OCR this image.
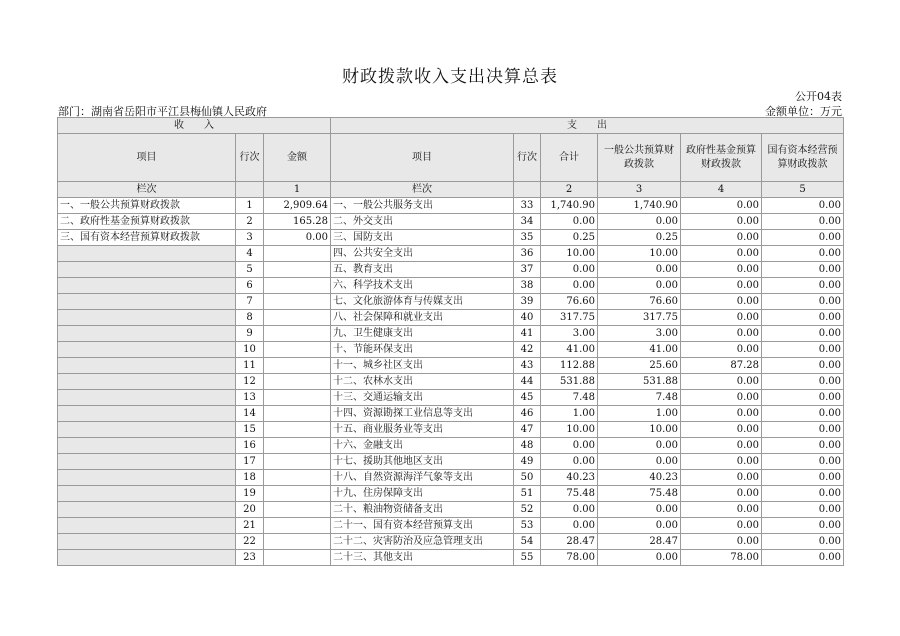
财政拨款收入支出决算总表
公开04表
部门：湖南省岳阳市平江县梅仙镇人民政府	金额单位：万元
收　　入			支　　出					
项目	行次	金额	项目	行次	合计	一般公共预算财政拨款	政府性基金预算财政拨款	国有资本经营预算财政拨款
栏次		1	栏次		2	3	4	5
一、一般公共预算财政拨款	1	2,909.64	一、一般公共服务支出	33	1,740.90	1,740.90	0.00	0.00
二、政府性基金预算财政拨款	2	165.28	二、外交支出	34	0.00	0.00	0.00	0.00
三、国有资本经营预算财政拨款	3	0.00	三、国防支出	35	0.25	0.25	0.00	0.00
	4		四、公共安全支出	36	10.00	10.00	0.00	0.00
	5		五、教育支出	37	0.00	0.00	0.00	0.00
	6		六、科学技术支出	38	0.00	0.00	0.00	0.00
	7		七、文化旅游体育与传媒支出	39	76.60	76.60	0.00	0.00
	8		八、社会保障和就业支出	40	317.75	317.75	0.00	0.00
	9		九、卫生健康支出	41	3.00	3.00	0.00	0.00
	10		十、节能环保支出	42	41.00	41.00	0.00	0.00
	11		十一、城乡社区支出	43	112.88	25.60	87.28	0.00
	12		十二、农林水支出	44	531.88	531.88	0.00	0.00
	13		十三、交通运输支出	45	7.48	7.48	0.00	0.00
	14		十四、资源勘探工业信息等支出	46	1.00	1.00	0.00	0.00
	15		十五、商业服务业等支出	47	10.00	10.00	0.00	0.00
	16		十六、金融支出	48	0.00	0.00	0.00	0.00
	17		十七、援助其他地区支出	49	0.00	0.00	0.00	0.00
	18		十八、自然资源海洋气象等支出	50	40.23	40.23	0.00	0.00
	19		十九、住房保障支出	51	75.48	75.48	0.00	0.00
	20		二十、粮油物资储备支出	52	0.00	0.00	0.00	0.00
	21		二十一、国有资本经营预算支出	53	0.00	0.00	0.00	0.00
	22		二十二、灾害防治及应急管理支出	54	28.47	28.47	0.00	0.00
	23		二十三、其他支出	55	78.00	0.00	78.00	0.00
